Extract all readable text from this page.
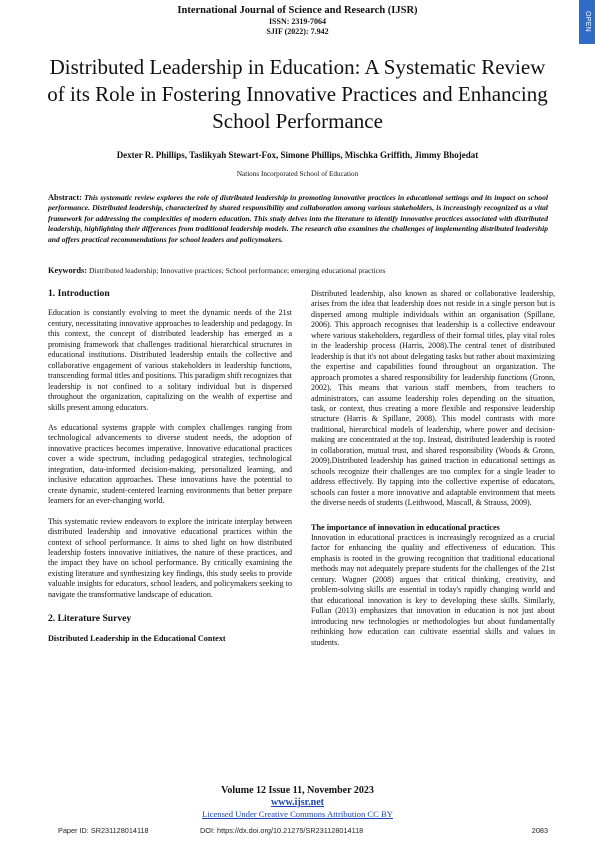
International Journal of Science and Research (IJSR)
ISSN: 2319-7064
SJIF (2022): 7.942	OPEN ACCESS
Distributed Leadership in Education: A Systematic Review of its Role in Fostering Innovative Practices and Enhancing School Performance
Dexter R. Phillips, Taslikyah Stewart-Fox, Simone Phillips, Mischka Griffith, Jimmy Bhojedat
Nations Incorporated School of Education
Abstract: This systematic review explores the role of distributed leadership in promoting innovative practices in educational settings and its impact on school performance. Distributed leadership, characterized by shared responsibility and collaboration among various stakeholders, is increasingly recognized as a vital framework for addressing the complexities of modern education. This study delves into the literature to identify innovative practices associated with distributed leadership, highlighting their differences from traditional leadership models. The research also examines the challenges of implementing distributed leadership and offers practical recommendations for school leaders and policymakers.
Keywords: Distributed leadership; Innovative practices; School performance; emerging educational practices
1. Introduction

Education is constantly evolving to meet the dynamic needs of the 21st century, necessitating innovative approaches to leadership and pedagogy. In this context, the concept of distributed leadership has emerged as a promising framework that challenges traditional hierarchical structures in educational institutions. Distributed leadership entails the collective and collaborative engagement of various stakeholders in leadership functions, transcending formal titles and positions. This paradigm shift recognizes that leadership is not confined to a solitary individual but is dispersed throughout the organization, capitalizing on the wealth of expertise and skills present among educators.

As educational systems grapple with complex challenges ranging from technological advancements to diverse student needs, the adoption of innovative practices becomes imperative. Innovative educational practices cover a wide spectrum, including pedagogical strategies, technological integration, data-informed decision-making, personalized learning, and inclusive education approaches. These innovations have the potential to create dynamic, student-centered learning environments that better prepare learners for an ever-changing world.

This systematic review endeavors to explore the intricate interplay between distributed leadership and innovative educational practices within the context of school performance. It aims to shed light on how distributed leadership fosters innovative initiatives, the nature of these practices, and the impact they have on school performance. By critically examining the existing literature and synthesizing key findings, this study seeks to provide valuable insights for educators, school leaders, and policymakers seeking to navigate the transformative landscape of education.

2. Literature Survey
Distributed Leadership in the Educational Context

Distributed leadership, also known as shared or collaborative leadership, arises from the idea that leadership does not reside in a single person but is dispersed among multiple individuals within an organisation (Spillane, 2006). This approach recognises that leadership is a collective endeavour where various stakeholders, regardless of their formal titles, play vital roles in the leadership process (Harris, 2008).The central tenet of distributed leadership is that it's not about delegating tasks but rather about maximizing the expertise and capabilities found throughout an organization. The approach promotes a shared responsibility for leadership functions (Gronn, 2002). This means that various staff members, from teachers to administrators, can assume leadership roles depending on the situation, task, or context, thus creating a more flexible and responsive leadership structure (Harris & Spillane, 2008). This model contrasts with more traditional, hierarchical models of leadership, where power and decision-making are concentrated at the top. Instead, distributed leadership is rooted in collaboration, mutual trust, and shared responsibility (Woods & Gronn, 2009).Distributed leadership has gained traction in educational settings as schools recognize their challenges are too complex for a single leader to address effectively. By tapping into the collective expertise of educators, schools can foster a more innovative and adaptable environment that meets the diverse needs of students (Leithwood, Mascall, & Strauss, 2009).

The importance of innovation in educational practices

Innovation in educational practices is increasingly recognized as a crucial factor for enhancing the quality and effectiveness of education. This emphasis is rooted in the growing recognition that traditional educational methods may not adequately prepare students for the challenges of the 21st century. Wagner (2008) argues that critical thinking, creativity, and problem-solving skills are essential in today's rapidly changing world and that educational innovation is key to developing these skills. Similarly, Fullan (2013) emphasizes that innovation in education is not just about introducing new technologies or methodologies but about fundamentally rethinking how education can cultivate essential skills and values in students.

Volume 12 Issue 11, November 2023
www.ijsr.net
Licensed Under Creative Commons Attribution CC BY
Paper ID: SR231128014118	DOI: https://dx.doi.org/10.21275/SR231128014118	2083
